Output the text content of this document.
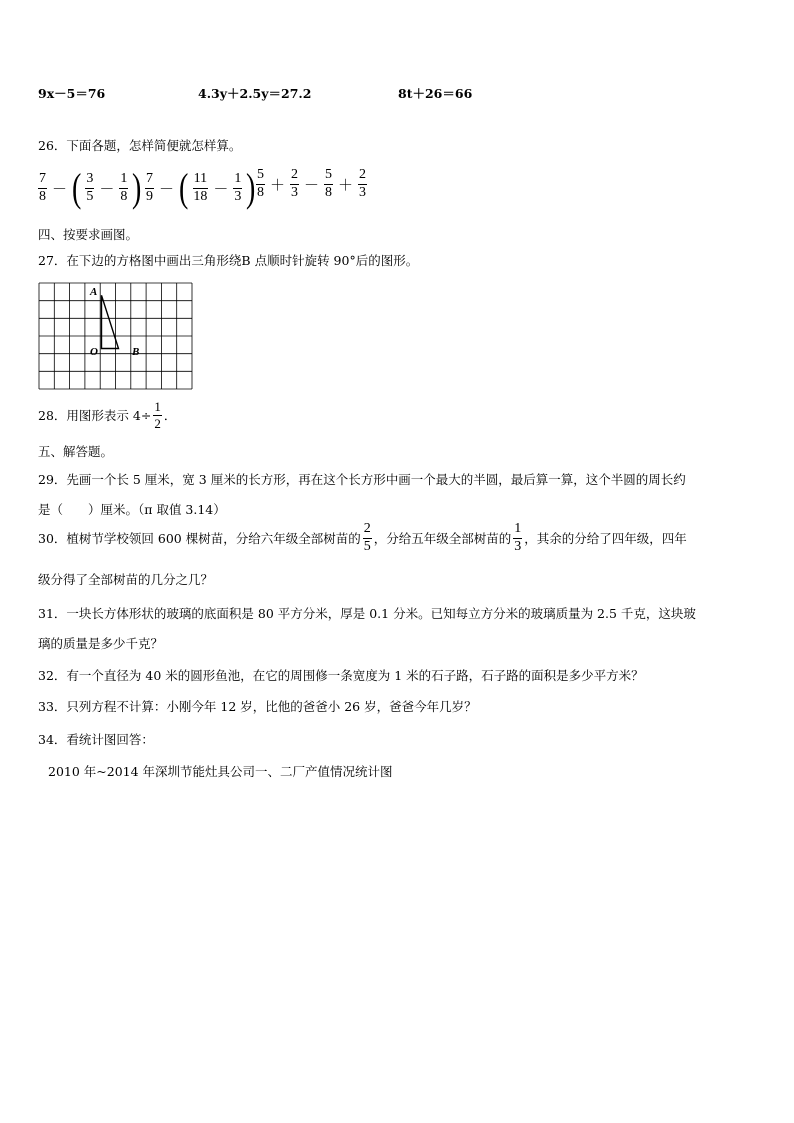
9x－5＝76	4.3y＋2.5y＝27.2	8t＋26＝66
26．下面各题，怎样简便就怎样算。
$\frac{7}{8}$ － ( $\frac{3}{5} - \frac{1}{8}$ ) $\frac{7}{9}$ － ( $\frac{11}{18} - \frac{1}{3}$ ) $\frac{5}{8} + \frac{2}{3} - \frac{5}{8} + \frac{2}{3}$
四、按要求画图。
27．在下边的方格图中画出三角形绕B 点顺时针旋转 90°后的图形。
A
O	B
28．用图形表示 $4\div \frac{1}{2}$ ．
五、解答题。
29．先画一个长 5 厘米，宽 3 厘米的长方形，再在这个长方形中画一个最大的半圆，最后算一算，这个半圆的周长约
是（　　）厘米。（π 取值 3.14）
30．植树节学校领回 600 棵树苗，分给六年级全部树苗的 $\frac{2}{5}$ ，分给五年级全部树苗的 $\frac{1}{3}$ ，其余的分给了四年级，四年
级分得了全部树苗的几分之几？
31．一块长方体形状的玻璃的底面积是 80 平方分米，厚是 0.1 分米。已知每立方分米的玻璃质量为 2.5 千克，这块玻
璃的质量是多少千克？
32．有一个直径为 40 米的圆形鱼池，在它的周围修一条宽度为 1 米的石子路，石子路的面积是多少平方米？
33．只列方程不计算：小刚今年 12 岁，比他的爸爸小 26 岁，爸爸今年几岁？
34．看统计图回答：
2010 年~2014 年深圳节能灶具公司一、二厂产值情况统计图
